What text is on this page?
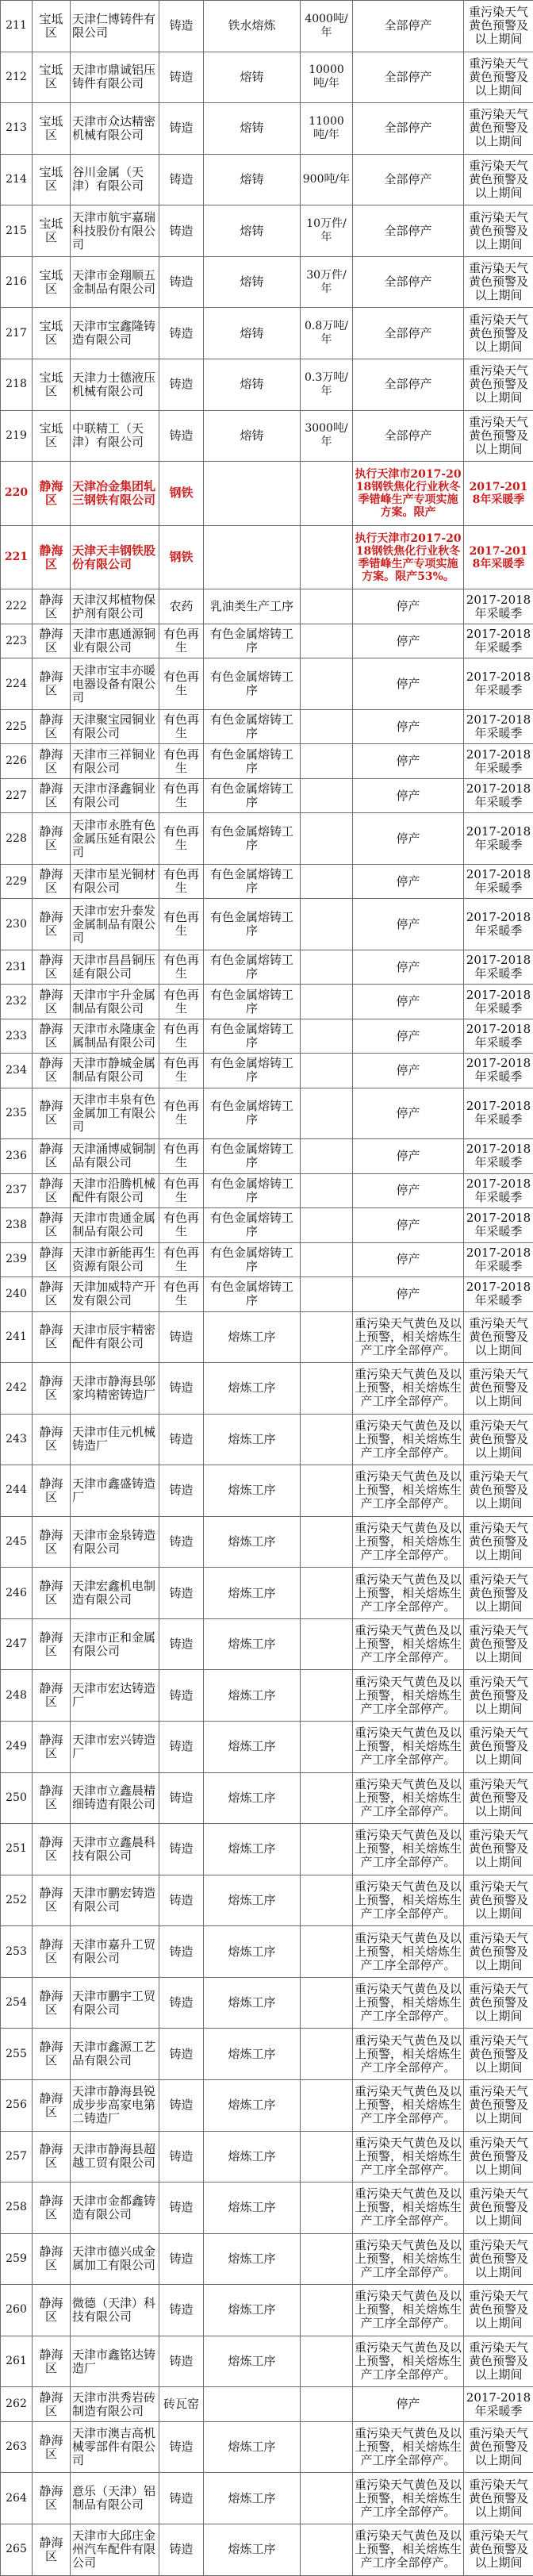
211	宝坻区	天津仁博铸件有限公司	铸造	铁水熔炼	4000吨/年	全部停产	重污染天气黄色预警及以上期间
212	宝坻区	天津市鼎诚铝压铸件有限公司	铸造	熔铸	10000吨/年	全部停产	重污染天气黄色预警及以上期间
213	宝坻区	天津市众达精密机械有限公司	铸造	熔铸	11000吨/年	全部停产	重污染天气黄色预警及以上期间
214	宝坻区	谷川金属（天津）有限公司	铸造	熔铸	900吨/年	全部停产	重污染天气黄色预警及以上期间
215	宝坻区	天津市航宇嘉瑞科技股份有限公司	铸造	熔铸	10万件/年	全部停产	重污染天气黄色预警及以上期间
216	宝坻区	天津市金翔顺五金制品有限公司	铸造	熔铸	30万件/年	全部停产	重污染天气黄色预警及以上期间
217	宝坻区	天津市宝鑫隆铸造有限公司	铸造	熔铸	0.8万吨/年	全部停产	重污染天气黄色预警及以上期间
218	宝坻区	天津力士德液压机械有限公司	铸造	熔铸	0.3万吨/年	全部停产	重污染天气黄色预警及以上期间
219	宝坻区	中联精工（天津）有限公司	铸造	熔铸	3000吨/年	全部停产	重污染天气黄色预警及以上期间
220	静海区	天津冶金集团轧三钢铁有限公司	钢铁			执行天津市2017-2018钢铁焦化行业秋冬季错峰生产专项实施方案。限产	2017-2018年采暖季
221	静海区	天津天丰钢铁股份有限公司	钢铁			执行天津市2017-2018钢铁焦化行业秋冬季错峰生产专项实施方案。限产53%。	2017-2018年采暖季
222	静海区	天津汉邦植物保护剂有限公司	农药	乳油类生产工序		停产	2017-2018年采暖季
223	静海区	天津市惠通源铜业有限公司	有色再生	有色金属熔铸工序		停产	2017-2018年采暖季
224	静海区	天津市宝丰亦暖电器设备有限公司	有色再生	有色金属熔铸工序		停产	2017-2018年采暖季
225	静海区	天津聚宝园铜业有限公司	有色再生	有色金属熔铸工序		停产	2017-2018年采暖季
226	静海区	天津市三祥铜业有限公司	有色再生	有色金属熔铸工序		停产	2017-2018年采暖季
227	静海区	天津市泽鑫铜业有限公司	有色再生	有色金属熔铸工序		停产	2017-2018年采暖季
228	静海区	天津市永胜有色金属压延有限公司	有色再生	有色金属熔铸工序		停产	2017-2018年采暖季
229	静海区	天津市星光铜材有限公司	有色再生	有色金属熔铸工序		停产	2017-2018年采暖季
230	静海区	天津市宏升泰发金属制品有限公司	有色再生	有色金属熔铸工序		停产	2017-2018年采暖季
231	静海区	天津市昌昌铜压延有限公司	有色再生	有色金属熔铸工序		停产	2017-2018年采暖季
232	静海区	天津市宇升金属制品有限公司	有色再生	有色金属熔铸工序		停产	2017-2018年采暖季
233	静海区	天津市永隆康金属制品有限公司	有色再生	有色金属熔铸工序		停产	2017-2018年采暖季
234	静海区	天津市静城金属制品有限公司	有色再生	有色金属熔铸工序		停产	2017-2018年采暖季
235	静海区	天津市丰泉有色金属加工有限公司	有色再生	有色金属熔铸工序		停产	2017-2018年采暖季
236	静海区	天津涌博威铜制品有限公司	有色再生	有色金属熔铸工序		停产	2017-2018年采暖季
237	静海区	天津市沿腾机械配件有限公司	有色再生	有色金属熔铸工序		停产	2017-2018年采暖季
238	静海区	天津市贵通金属制品有限公司	有色再生	有色金属熔铸工序		停产	2017-2018年采暖季
239	静海区	天津市新能再生资源有限公司	有色再生	有色金属熔铸工序		停产	2017-2018年采暖季
240	静海区	天津加威特产开发有限公司	有色再生	有色金属熔铸工序		停产	2017-2018年采暖季
241	静海区	天津市辰宇精密配件有限公司	铸造	熔炼工序		重污染天气黄色及以上预警，相关熔炼生产工序全部停产。	重污染天气黄色预警及以上期间
242	静海区	天津市静海县邬家坞精密铸造厂	铸造	熔炼工序		重污染天气黄色及以上预警，相关熔炼生产工序全部停产。	重污染天气黄色预警及以上期间
243	静海区	天津市佳元机械铸造厂	铸造	熔炼工序		重污染天气黄色及以上预警，相关熔炼生产工序全部停产。	重污染天气黄色预警及以上期间
244	静海区	天津市鑫盛铸造厂	铸造	熔炼工序		重污染天气黄色及以上预警，相关熔炼生产工序全部停产。	重污染天气黄色预警及以上期间
245	静海区	天津市金泉铸造有限公司	铸造	熔炼工序		重污染天气黄色及以上预警，相关熔炼生产工序全部停产。	重污染天气黄色预警及以上期间
246	静海区	天津宏鑫机电制造有限公司	铸造	熔炼工序		重污染天气黄色及以上预警，相关熔炼生产工序全部停产。	重污染天气黄色预警及以上期间
247	静海区	天津市正和金属有限公司	铸造	熔炼工序		重污染天气黄色及以上预警，相关熔炼生产工序全部停产。	重污染天气黄色预警及以上期间
248	静海区	天津市宏达铸造厂	铸造	熔炼工序		重污染天气黄色及以上预警，相关熔炼生产工序全部停产。	重污染天气黄色预警及以上期间
249	静海区	天津市宏兴铸造厂	铸造	熔炼工序		重污染天气黄色及以上预警，相关熔炼生产工序全部停产。	重污染天气黄色预警及以上期间
250	静海区	天津市立鑫晨精细铸造有限公司	铸造	熔炼工序		重污染天气黄色及以上预警，相关熔炼生产工序全部停产。	重污染天气黄色预警及以上期间
251	静海区	天津市立鑫晨科技有限公司	铸造	熔炼工序		重污染天气黄色及以上预警，相关熔炼生产工序全部停产。	重污染天气黄色预警及以上期间
252	静海区	天津市鹏宏铸造有限公司	铸造	熔炼工序		重污染天气黄色及以上预警，相关熔炼生产工序全部停产。	重污染天气黄色预警及以上期间
253	静海区	天津市嘉升工贸有限公司	铸造	熔炼工序		重污染天气黄色及以上预警，相关熔炼生产工序全部停产。	重污染天气黄色预警及以上期间
254	静海区	天津市鹏宇工贸有限公司	铸造	熔炼工序		重污染天气黄色及以上预警，相关熔炼生产工序全部停产。	重污染天气黄色预警及以上期间
255	静海区	天津市鑫源工艺品有限公司	铸造	熔炼工序		重污染天气黄色及以上预警，相关熔炼生产工序全部停产。	重污染天气黄色预警及以上期间
256	静海区	天津市静海县锐成步步高家电第二铸造厂	铸造	熔炼工序		重污染天气黄色及以上预警，相关熔炼生产工序全部停产。	重污染天气黄色预警及以上期间
257	静海区	天津市静海县超越工贸有限公司	铸造	熔炼工序		重污染天气黄色及以上预警，相关熔炼生产工序全部停产。	重污染天气黄色预警及以上期间
258	静海区	天津市金都鑫铸造有限公司	铸造	熔炼工序		重污染天气黄色及以上预警，相关熔炼生产工序全部停产。	重污染天气黄色预警及以上期间
259	静海区	天津市德兴成金属加工有限公司	铸造	熔炼工序		重污染天气黄色及以上预警，相关熔炼生产工序全部停产。	重污染天气黄色预警及以上期间
260	静海区	微德（天津）科技有限公司	铸造	熔炼工序		重污染天气黄色及以上预警，相关熔炼生产工序全部停产。	重污染天气黄色预警及以上期间
261	静海区	天津市鑫铭达铸造厂	铸造	熔炼工序		重污染天气黄色及以上预警，相关熔炼生产工序全部停产。	重污染天气黄色预警及以上期间
262	静海区	天津市洪秀岩砖制造有限公司	砖瓦窑			停产	2017-2018年采暖季
263	静海区	天津市澳吉高机械零部件有限公司	铸造	熔炼工序		重污染天气黄色及以上预警，相关熔炼生产工序全部停产。	重污染天气黄色预警及以上期间
264	静海区	意乐（天津）铝制品有限公司	铸造	熔炼工序		重污染天气黄色及以上预警，相关熔炼生产工序全部停产。	重污染天气黄色预警及以上期间
265	静海区	天津市大邱庄金州汽车配件有限公司	铸造	熔炼工序		重污染天气黄色及以上预警，相关熔炼生产工序全部停产。	重污染天气黄色预警及以上期间
